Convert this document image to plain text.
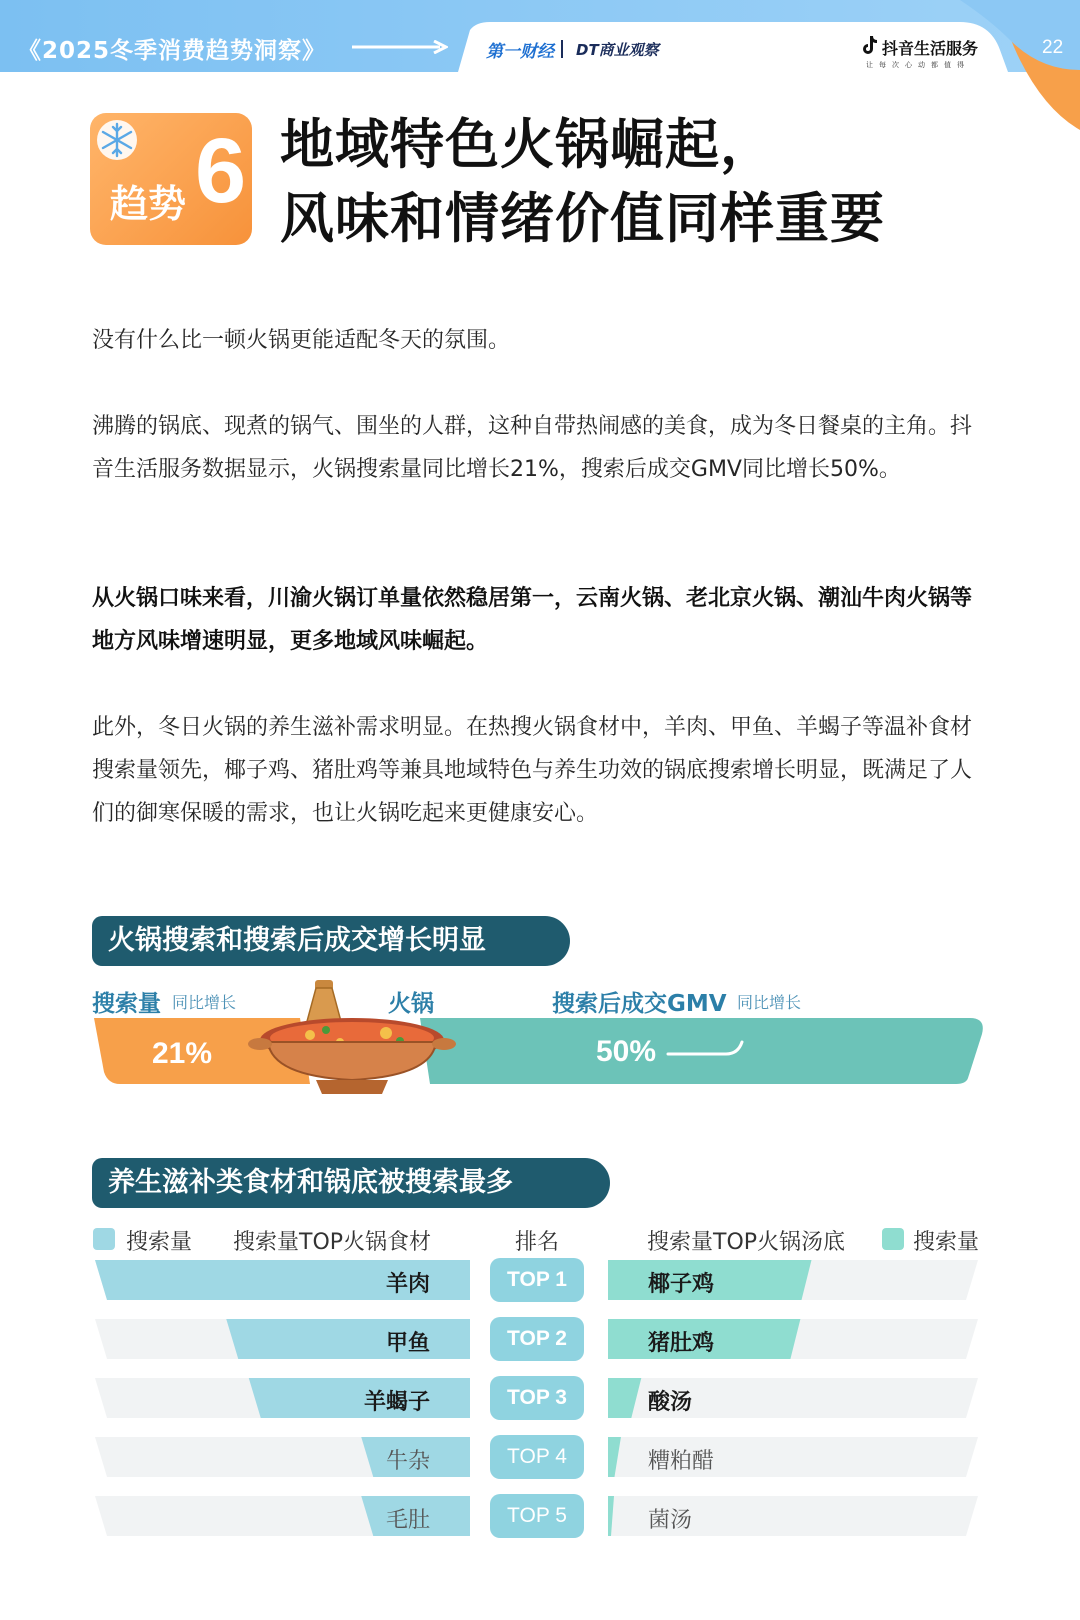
《2025冬季消费趋势洞察》	第一财经 DT商业观察	抖音生活服务
让每次心动都值得
22
趋势 6 地域特色火锅崛起，
风味和情绪价值同样重要

没有什么比一顿火锅更能适配冬天的氛围。

沸腾的锅底、现煮的锅气、围坐的人群，这种自带热闹感的美食，成为冬日餐桌的主角。抖音生活服务数据显示，火锅搜索量同比增长21%，搜索后成交GMV同比增长50%。

从火锅口味来看，川渝火锅订单量依然稳居第一，云南火锅、老北京火锅、潮汕牛肉火锅等地方风味增速明显，更多地域风味崛起。

此外，冬日火锅的养生滋补需求明显。在热搜火锅食材中，羊肉、甲鱼、羊蝎子等温补食材搜索量领先，椰子鸡、猪肚鸡等兼具地域特色与养生功效的锅底搜索增长明显，既满足了人们的御寒保暖的需求，也让火锅吃起来更健康安心。

火锅搜索和搜索后成交增长明显
搜索量 同比增长	火锅	搜索后成交GMV 同比增长
21%	50%
养生滋补类食材和锅底被搜索最多
搜索量 搜索量TOP火锅食材	排名	搜索量TOP火锅汤底	搜索量
羊肉	TOP 1	椰子鸡
甲鱼	TOP 2	猪肚鸡
羊蝎子	TOP 3	酸汤
牛杂	TOP 4	糟粕醋
毛肚	TOP 5	菌汤
